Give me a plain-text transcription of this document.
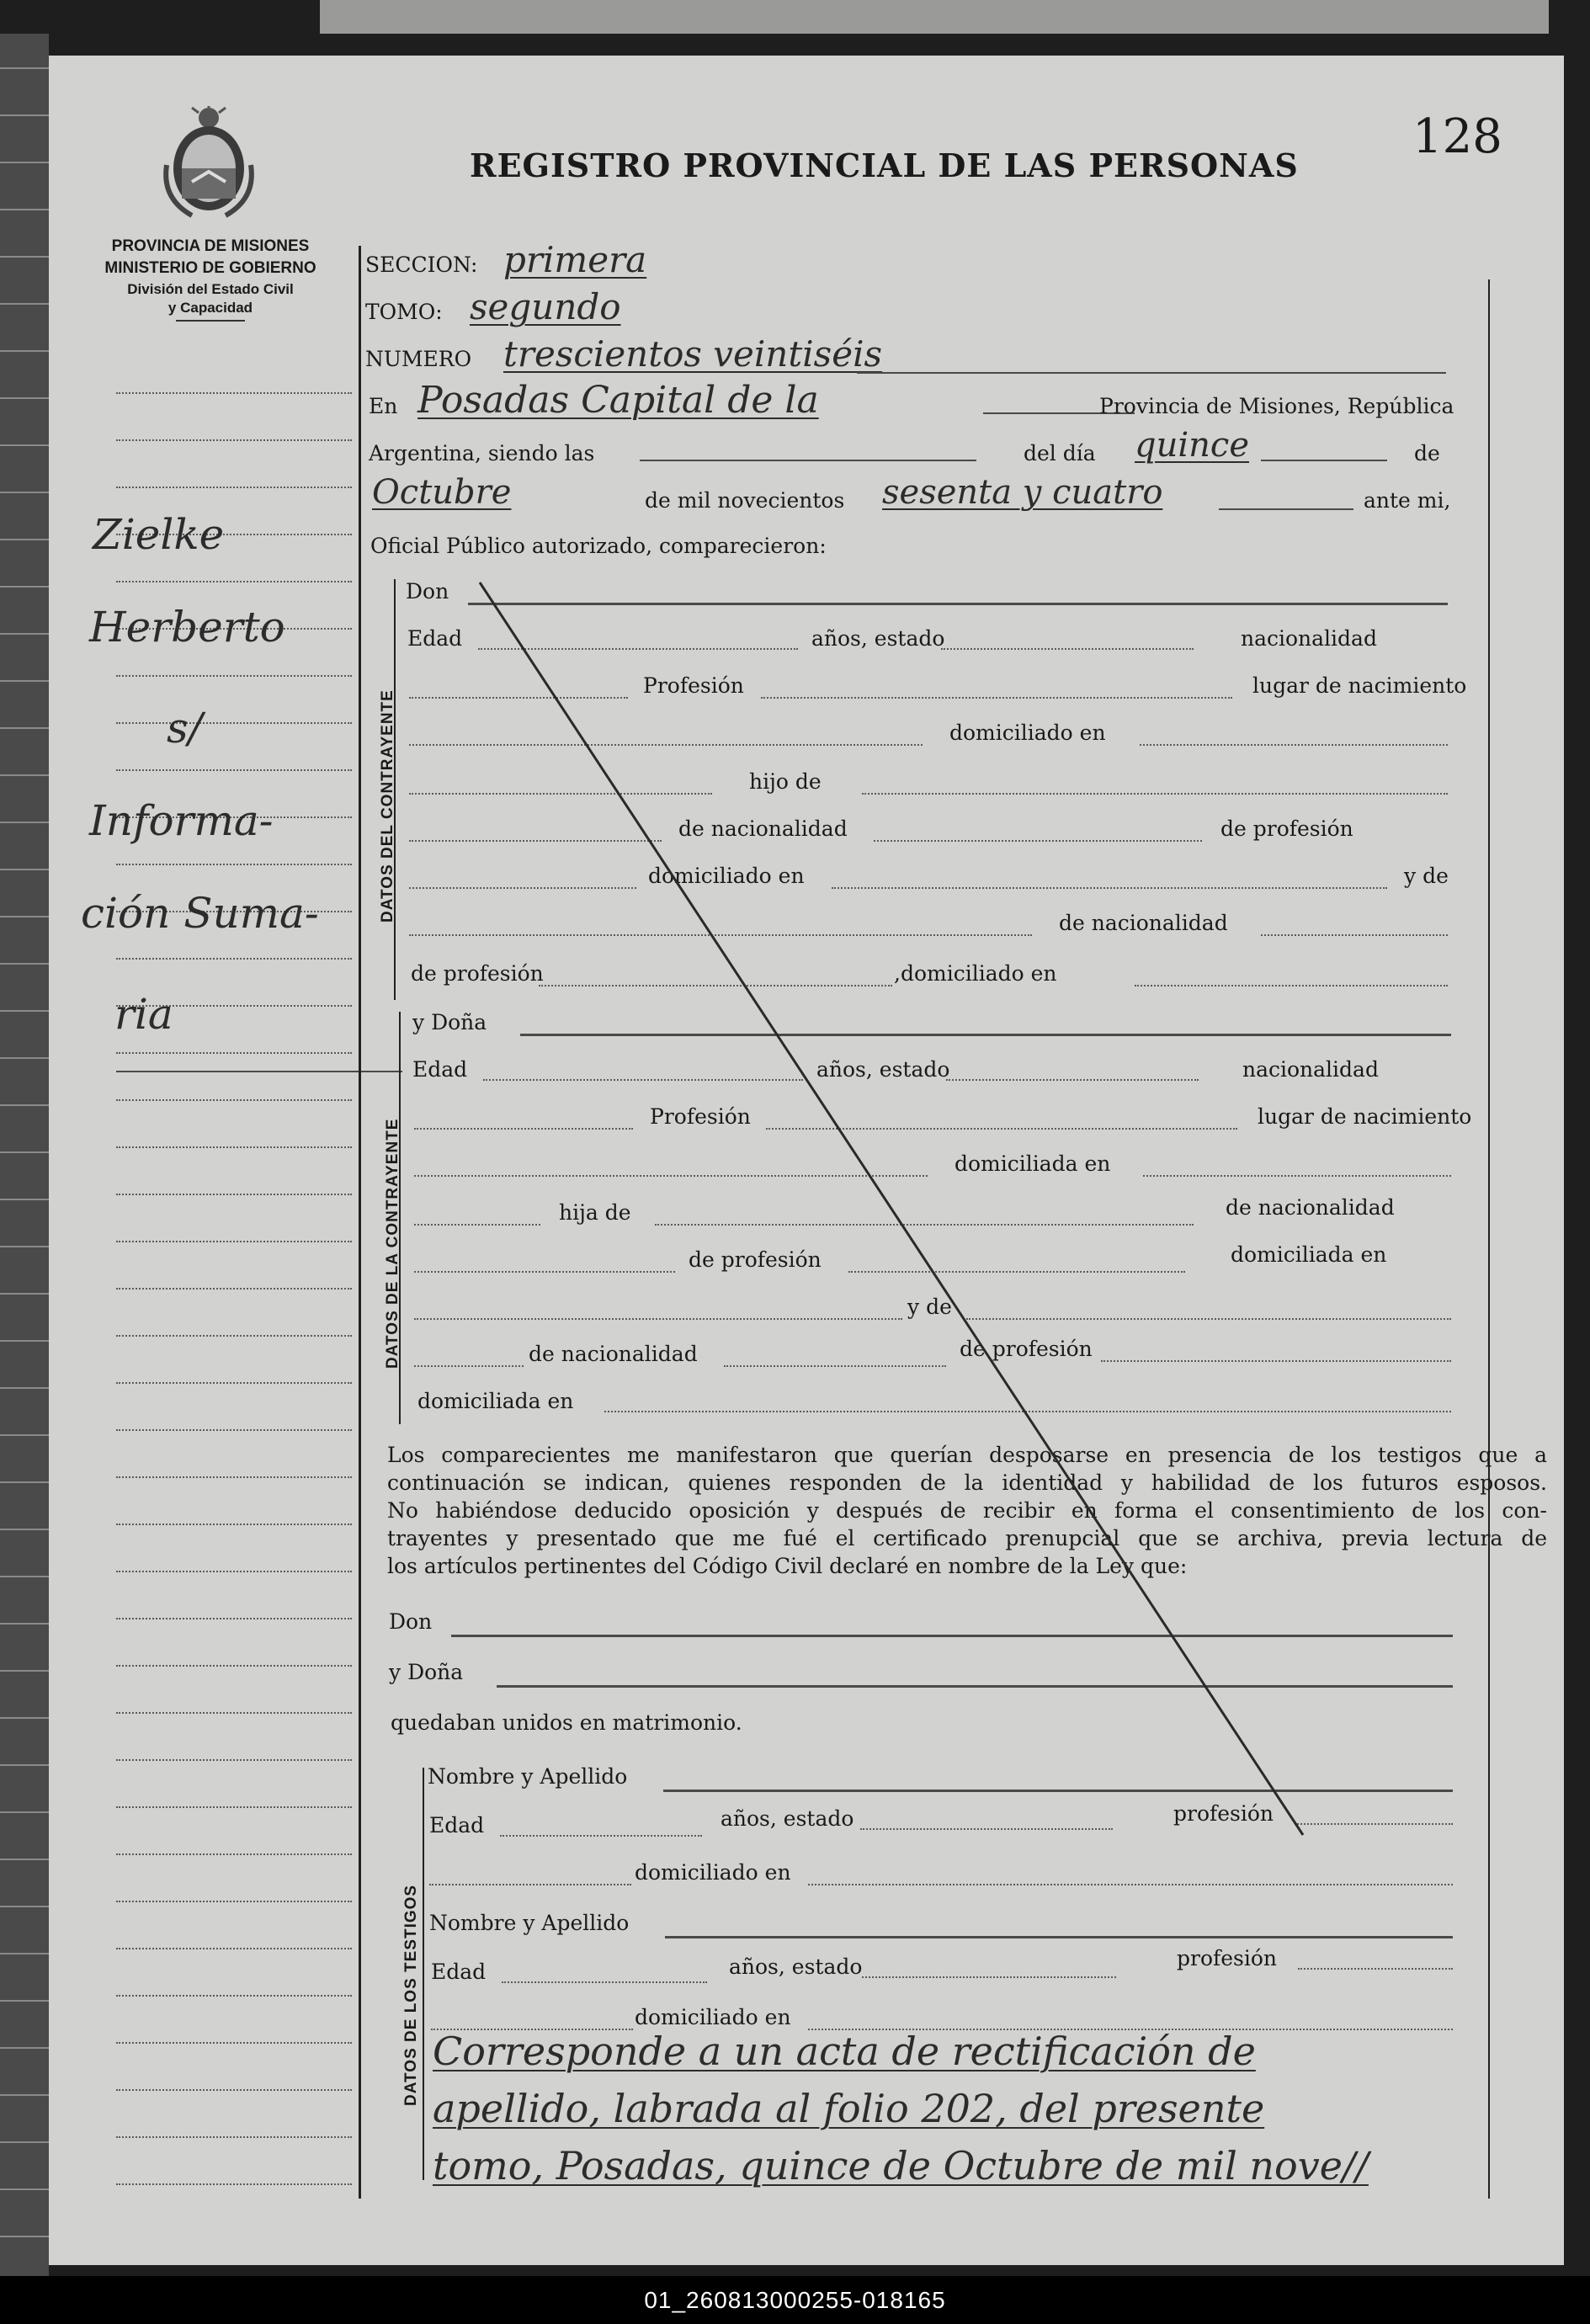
PROVINCIA DE MISIONES
MINISTERIO DE GOBIERNO
División del Estado Civil
y Capacidad
REGISTRO PROVINCIAL DE LAS PERSONAS
128
Zielke
Herberto
s/
Informa-
ción Suma-
ria
SECCION: primera
TOMO: segundo
NUMERO trescientos veintiséis
En Posadas Capital de la	Provincia de Misiones, República
Argentina, siendo las	del día quince	de
Octubre	de mil novecientos sesenta y cuatro	ante mi,
Oficial Público autorizado, comparecieron:
DATOS DEL CONTRAYENTE
DATOS DE LA CONTRAYENTE
DATOS DE LOS TESTIGOS
Don
Edad	años, estado	nacionalidad
Profesión	lugar de nacimiento
domiciliado en
hijo de
de nacionalidad	de profesión
domiciliado en	y de
de nacionalidad
de profesión	,domiciliado en
y Doña
Edad	años, estado	nacionalidad
Profesión	lugar de nacimiento
domiciliada en
hija de	de nacionalidad
de profesión	domiciliada en
y de
de nacionalidad	de profesión
domiciliada en
Los comparecientes me manifestaron que querían desposarse en presencia de los testigos que a
continuación se indican, quienes responden de la identidad y habilidad de los futuros esposos.
No habiéndose deducido oposición y después de recibir en forma el consentimiento de los con-
trayentes y presentado que me fué el certificado prenupcial que se archiva, previa lectura de
los artículos pertinentes del Código Civil declaré en nombre de la Ley que:
Don
y Doña
quedaban unidos en matrimonio.
Nombre y Apellido
Edad	años, estado	profesión
domiciliado en
Nombre y Apellido
Edad	años, estado	profesión
domiciliado en
Corresponde a un acta de rectificación de
apellido, labrada al folio 202, del presente
tomo, Posadas, quince de Octubre de mil nove//
01_260813000255-018165
